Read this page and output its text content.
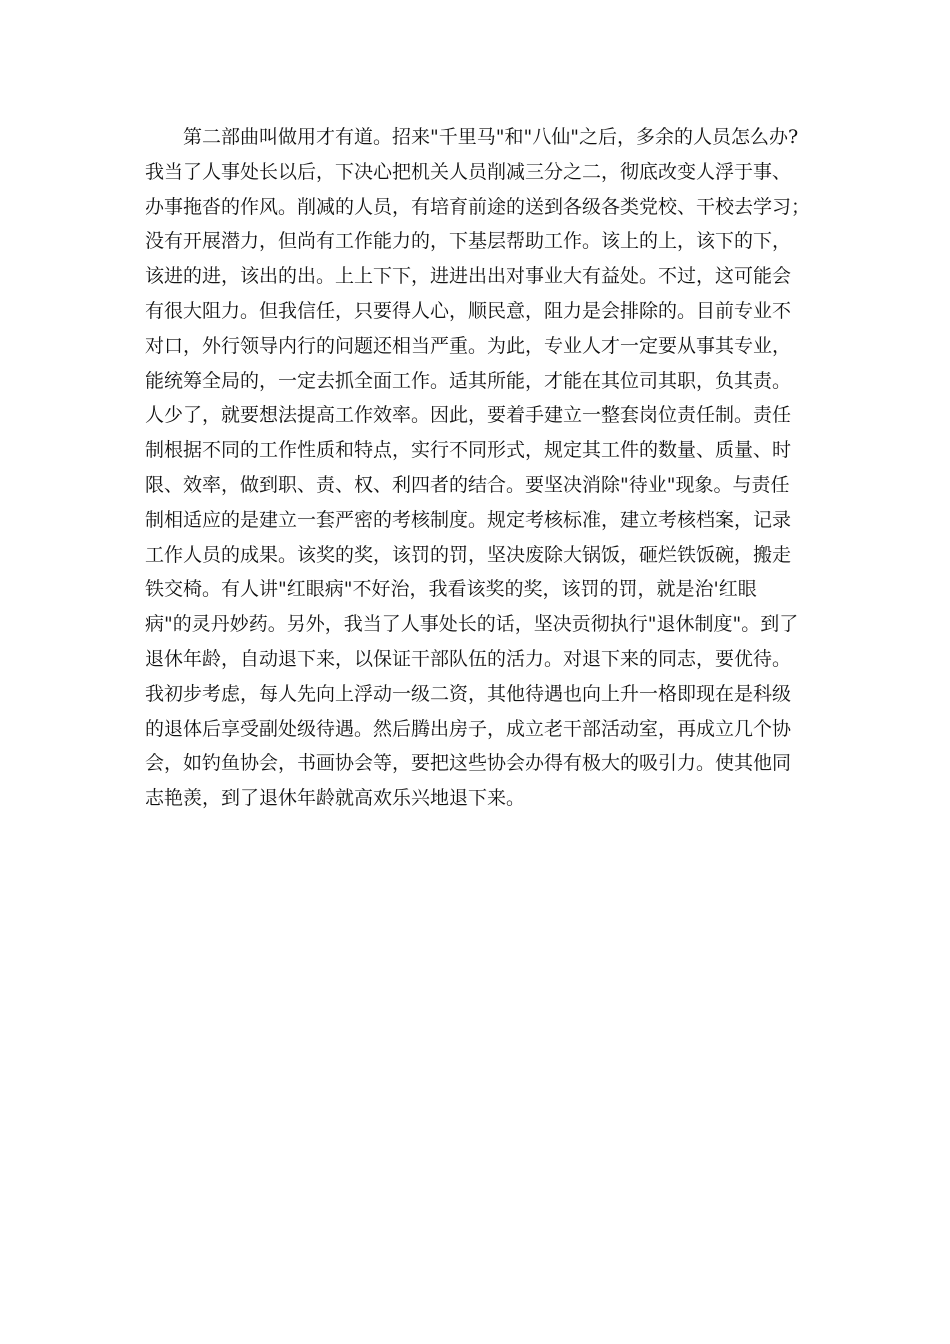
　　第二部曲叫做用才有道。招来"千里马"和"八仙"之后，多余的人员怎么办?
我当了人事处长以后，下决心把机关人员削减三分之二，彻底改变人浮于事、
办事拖沓的作风。削减的人员，有培育前途的送到各级各类党校、干校去学习；
没有开展潜力，但尚有工作能力的，下基层帮助工作。该上的上，该下的下，
该进的进，该出的出。上上下下，进进出出对事业大有益处。不过，这可能会
有很大阻力。但我信任，只要得人心，顺民意，阻力是会排除的。目前专业不
对口，外行领导内行的问题还相当严重。为此，专业人才一定要从事其专业，
能统筹全局的，一定去抓全面工作。适其所能，才能在其位司其职，负其责。
人少了，就要想法提高工作效率。因此，要着手建立一整套岗位责任制。责任
制根据不同的工作性质和特点，实行不同形式，规定其工件的数量、质量、时
限、效率，做到职、责、权、利四者的结合。要坚决消除"待业"现象。与责任
制相适应的是建立一套严密的考核制度。规定考核标准，建立考核档案，记录
工作人员的成果。该奖的奖，该罚的罚，坚决废除大锅饭，砸烂铁饭碗，搬走
铁交椅。有人讲"红眼病"不好治，我看该奖的奖，该罚的罚，就是治'红眼
病"的灵丹妙药。另外，我当了人事处长的话，坚决贡彻执行"退休制度"。到了
退休年龄，自动退下来，以保证干部队伍的活力。对退下来的同志，要优待。
我初步考虑，每人先向上浮动一级二资，其他待遇也向上升一格即现在是科级
的退体后享受副处级待遇。然后腾出房子，成立老干部活动室，再成立几个协
会，如钓鱼协会，书画协会等，要把这些协会办得有极大的吸引力。使其他同
志艳羡，到了退休年龄就高欢乐兴地退下来。
